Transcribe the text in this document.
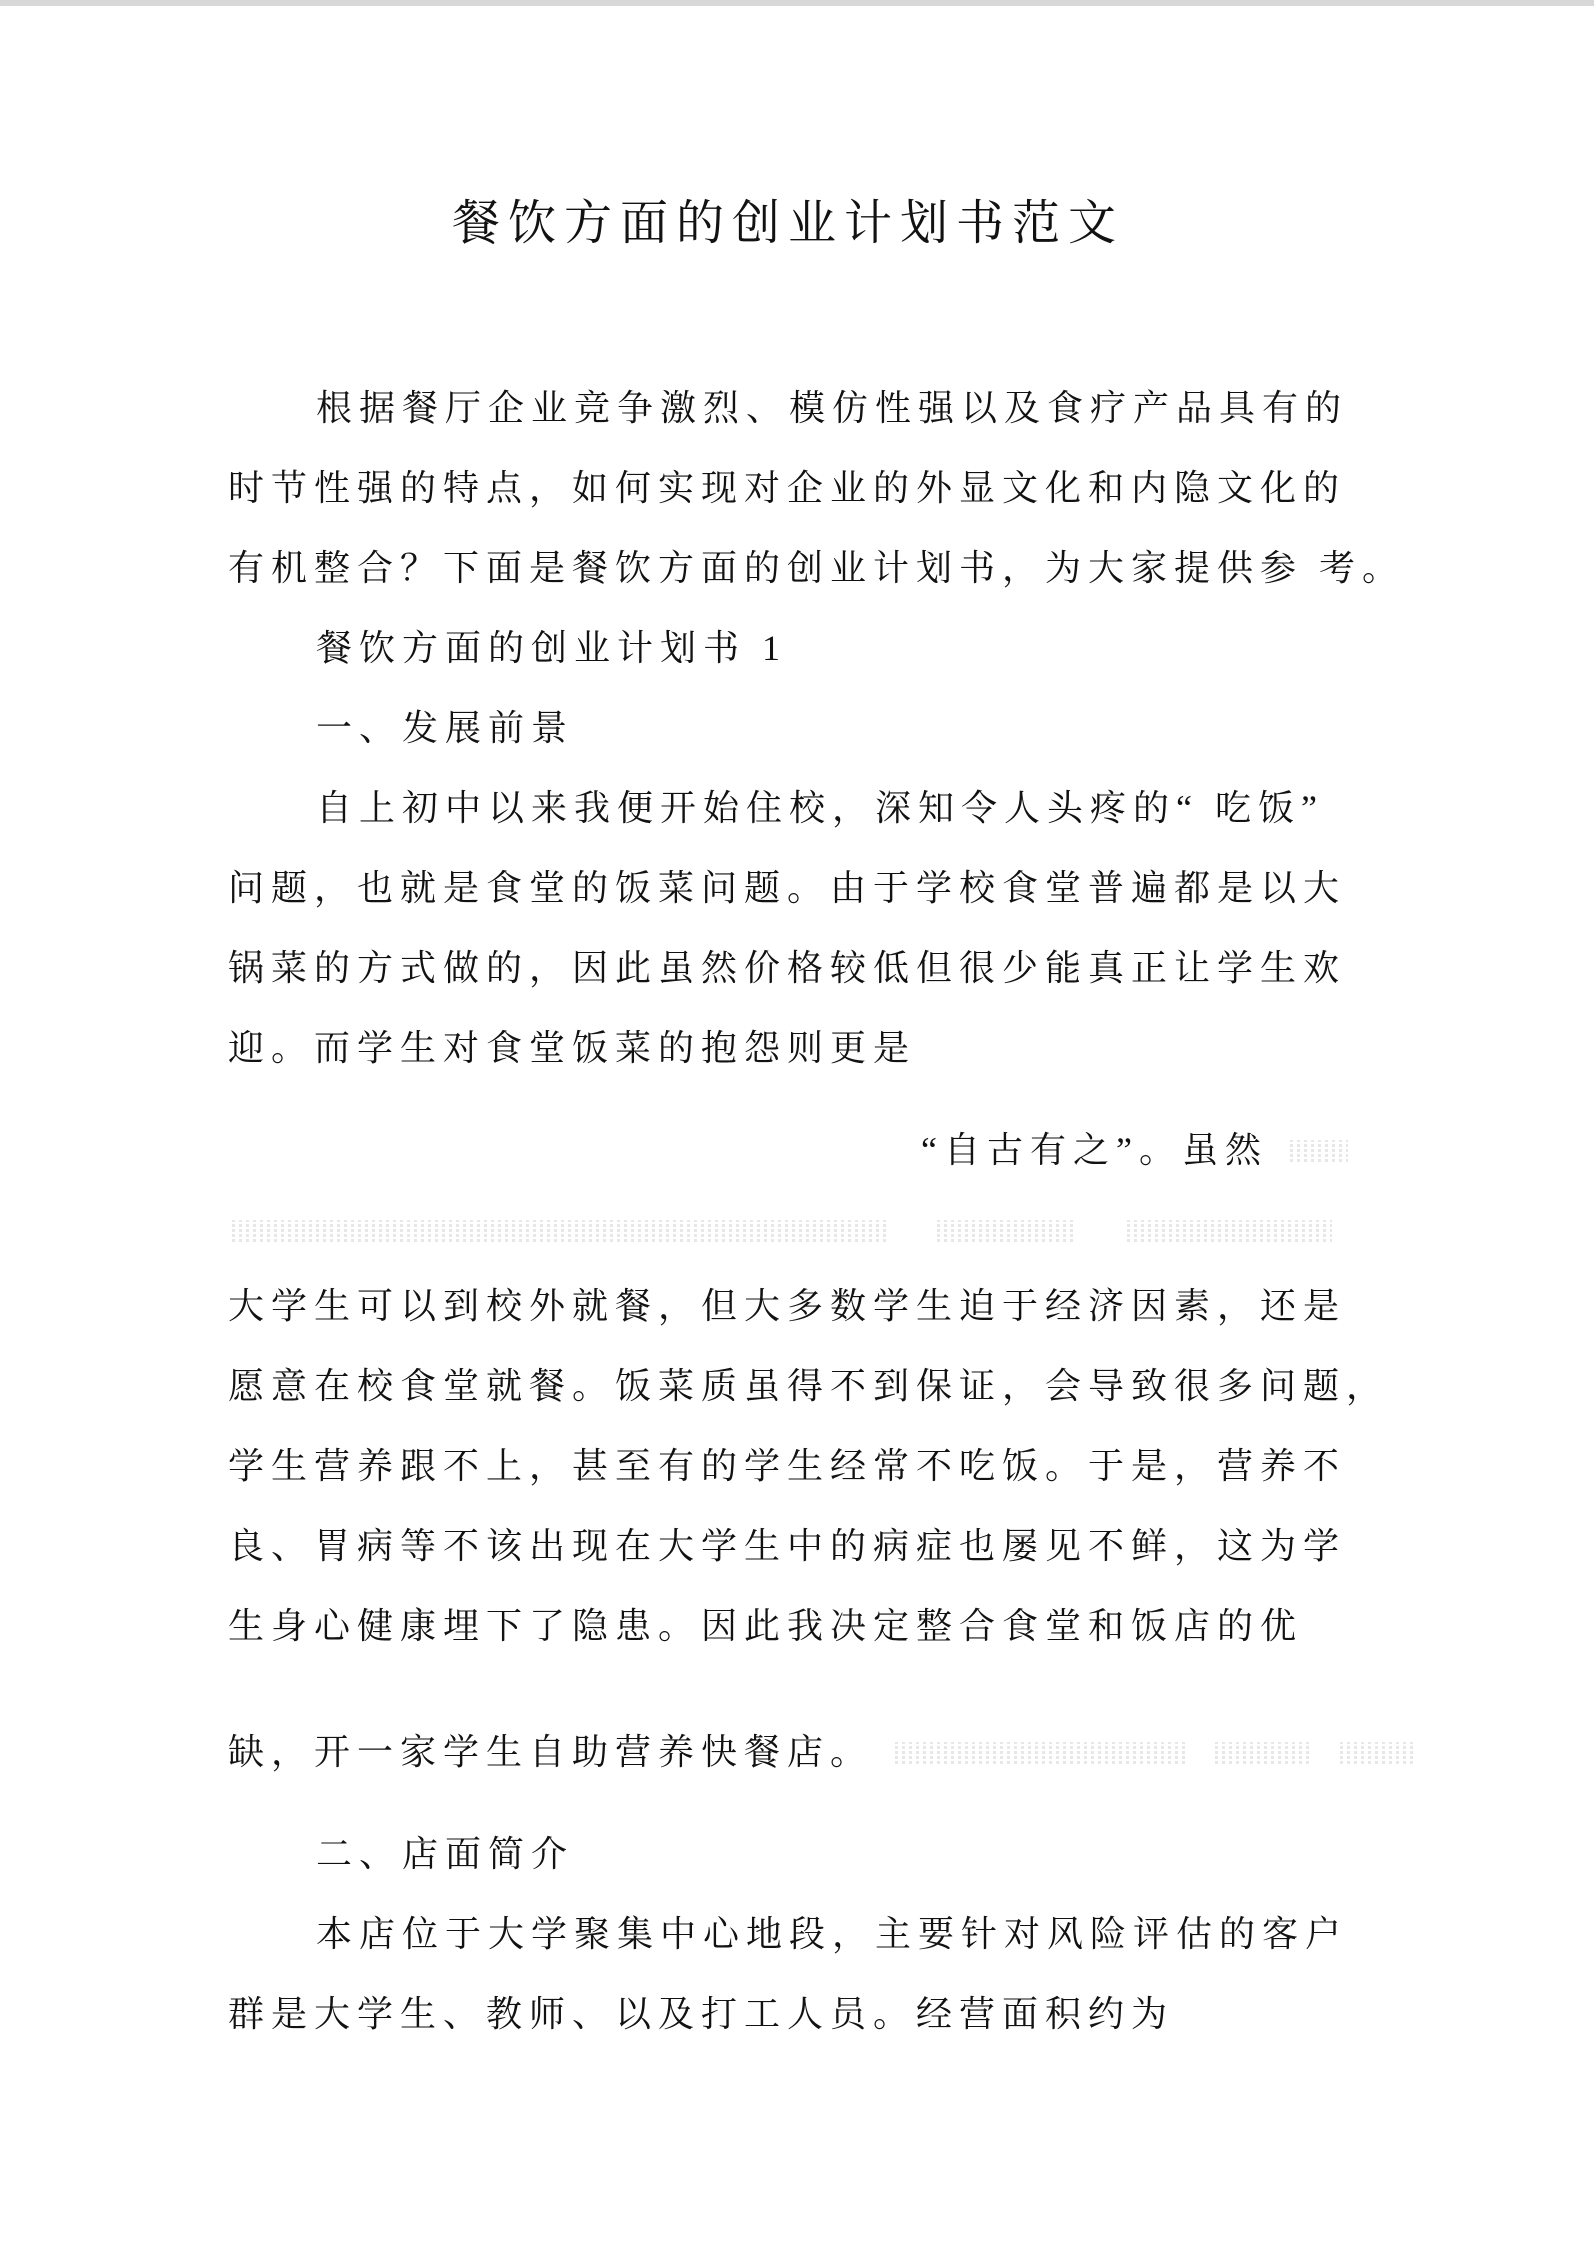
餐饮方面的创业计划书范文
根据餐厅企业竞争激烈、模仿性强以及食疗产品具有的
时节性强的特点，如何实现对企业的外显文化和内隐文化的
有机整合？下面是餐饮方面的创业计划书，为大家提供参 考。
餐饮方面的创业计划书 1
一、发展前景
自上初中以来我便开始住校，深知令人头疼的“ 吃饭”
问题，也就是食堂的饭菜问题。由于学校食堂普遍都是以大
锅菜的方式做的，因此虽然价格较低但很少能真正让学生欢
迎。而学生对食堂饭菜的抱怨则更是
“自古有之”。虽然
大学生可以到校外就餐，但大多数学生迫于经济因素，还是
愿意在校食堂就餐。饭菜质虽得不到保证，会导致很多问题，
学生营养跟不上，甚至有的学生经常不吃饭。于是，营养不
良、胃病等不该出现在大学生中的病症也屡见不鲜，这为学
生身心健康埋下了隐患。因此我决定整合食堂和饭店的优
缺，开一家学生自助营养快餐店。
二、店面简介
本店位于大学聚集中心地段，主要针对风险评估的客户
群是大学生、教师、以及打工人员。经营面积约为
